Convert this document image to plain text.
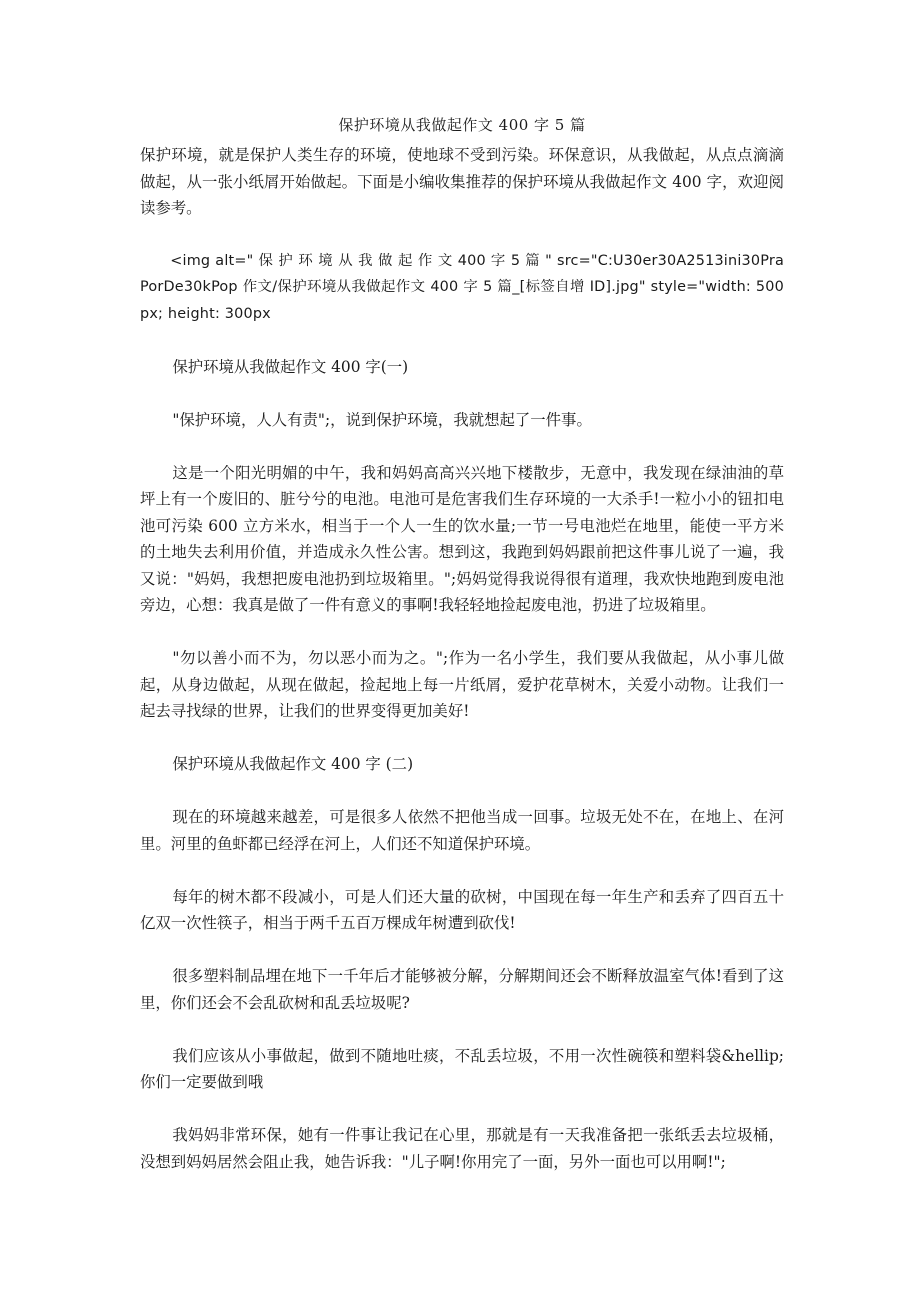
保护环境从我做起作文 400 字 5 篇
保护环境，就是保护人类生存的环境，使地球不受到污染。环保意识，从我做起，从点点滴滴做起，从一张小纸屑开始做起。下面是小编收集推荐的保护环境从我做起作文 400 字，欢迎阅读参考。
<img alt=" 保 护 环 境 从 我 做 起 作 文 400 字 5 篇 " src="C:U30er30A2513ini30PraPorDe30kPop 作文/保护环境从我做起作文 400 字 5 篇_[标签自增 ID].jpg" style="width: 500px; height: 300px
保护环境从我做起作文 400 字(一)
"保护环境，人人有责";，说到保护环境，我就想起了一件事。
这是一个阳光明媚的中午，我和妈妈高高兴兴地下楼散步，无意中，我发现在绿油油的草坪上有一个废旧的、脏兮兮的电池。电池可是危害我们生存环境的一大杀手!一粒小小的钮扣电池可污染 600 立方米水，相当于一个人一生的饮水量;一节一号电池烂在地里，能使一平方米的土地失去利用价值，并造成永久性公害。想到这，我跑到妈妈跟前把这件事儿说了一遍，我又说："妈妈，我想把废电池扔到垃圾箱里。";妈妈觉得我说得很有道理，我欢快地跑到废电池旁边，心想：我真是做了一件有意义的事啊!我轻轻地捡起废电池，扔进了垃圾箱里。
"勿以善小而不为，勿以恶小而为之。";作为一名小学生，我们要从我做起，从小事儿做起，从身边做起，从现在做起，捡起地上每一片纸屑，爱护花草树木，关爱小动物。让我们一起去寻找绿的世界，让我们的世界变得更加美好!
保护环境从我做起作文 400 字 (二)
现在的环境越来越差，可是很多人依然不把他当成一回事。垃圾无处不在，在地上、在河里。河里的鱼虾都已经浮在河上，人们还不知道保护环境。
每年的树木都不段减小，可是人们还大量的砍树，中国现在每一年生产和丢弃了四百五十亿双一次性筷子，相当于两千五百万棵成年树遭到砍伐!
很多塑料制品埋在地下一千年后才能够被分解，分解期间还会不断释放温室气体!看到了这里，你们还会不会乱砍树和乱丢垃圾呢?
我们应该从小事做起，做到不随地吐痰，不乱丢垃圾，不用一次性碗筷和塑料袋&hellip;你们一定要做到哦
我妈妈非常环保，她有一件事让我记在心里，那就是有一天我准备把一张纸丢去垃圾桶，没想到妈妈居然会阻止我，她告诉我："儿子啊!你用完了一面，另外一面也可以用啊!";
